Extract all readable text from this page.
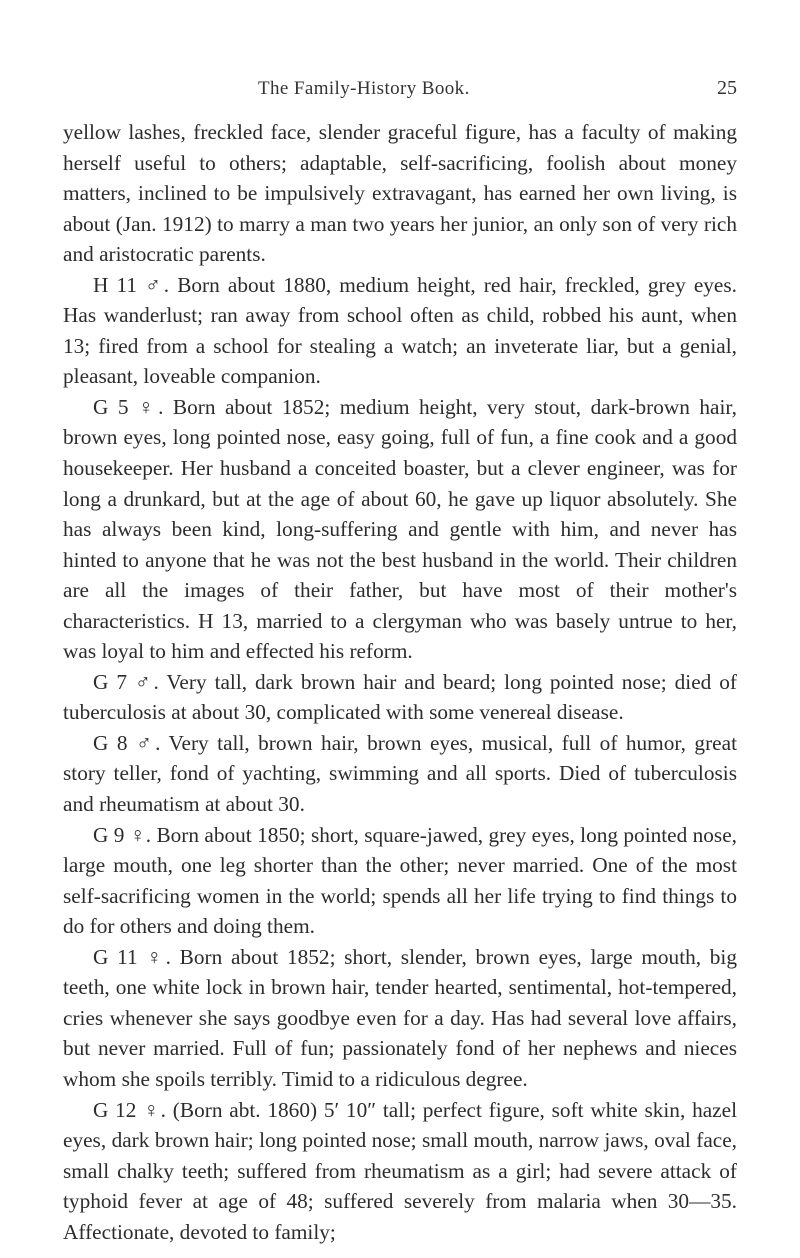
The Family-History Book.	25

yellow lashes, freckled face, slender graceful figure, has a faculty of making herself useful to others; adaptable, self-sacrificing, foolish about money matters, inclined to be impulsively extravagant, has earned her own living, is about (Jan. 1912) to marry a man two years her junior, an only son of very rich and aristocratic parents.

H 11 ♂. Born about 1880, medium height, red hair, freckled, grey eyes. Has wanderlust; ran away from school often as child, robbed his aunt, when 13; fired from a school for stealing a watch; an inveterate liar, but a genial, pleasant, loveable companion.

G 5 ♀. Born about 1852; medium height, very stout, dark-brown hair, brown eyes, long pointed nose, easy going, full of fun, a fine cook and a good housekeeper. Her husband a conceited boaster, but a clever engineer, was for long a drunkard, but at the age of about 60, he gave up liquor absolutely. She has always been kind, long-suffering and gentle with him, and never has hinted to anyone that he was not the best husband in the world. Their children are all the images of their father, but have most of their mother's characteristics. H 13, married to a clergyman who was basely untrue to her, was loyal to him and effected his reform.

G 7 ♂. Very tall, dark brown hair and beard; long pointed nose; died of tuberculosis at about 30, complicated with some venereal disease.

G 8 ♂. Very tall, brown hair, brown eyes, musical, full of humor, great story teller, fond of yachting, swimming and all sports. Died of tuberculosis and rheumatism at about 30.

G 9 ♀. Born about 1850; short, square-jawed, grey eyes, long pointed nose, large mouth, one leg shorter than the other; never married. One of the most self-sacrificing women in the world; spends all her life trying to find things to do for others and doing them.

G 11 ♀. Born about 1852; short, slender, brown eyes, large mouth, big teeth, one white lock in brown hair, tender hearted, sentimental, hot-tempered, cries whenever she says goodbye even for a day. Has had several love affairs, but never married. Full of fun; passionately fond of her nephews and nieces whom she spoils terribly. Timid to a ridiculous degree.

G 12 ♀. (Born abt. 1860) 5′ 10″ tall; perfect figure, soft white skin, hazel eyes, dark brown hair; long pointed nose; small mouth, narrow jaws, oval face, small chalky teeth; suffered from rheumatism as a girl; had severe attack of typhoid fever at age of 48; suffered severely from malaria when 30—35. Affectionate, devoted to family;
